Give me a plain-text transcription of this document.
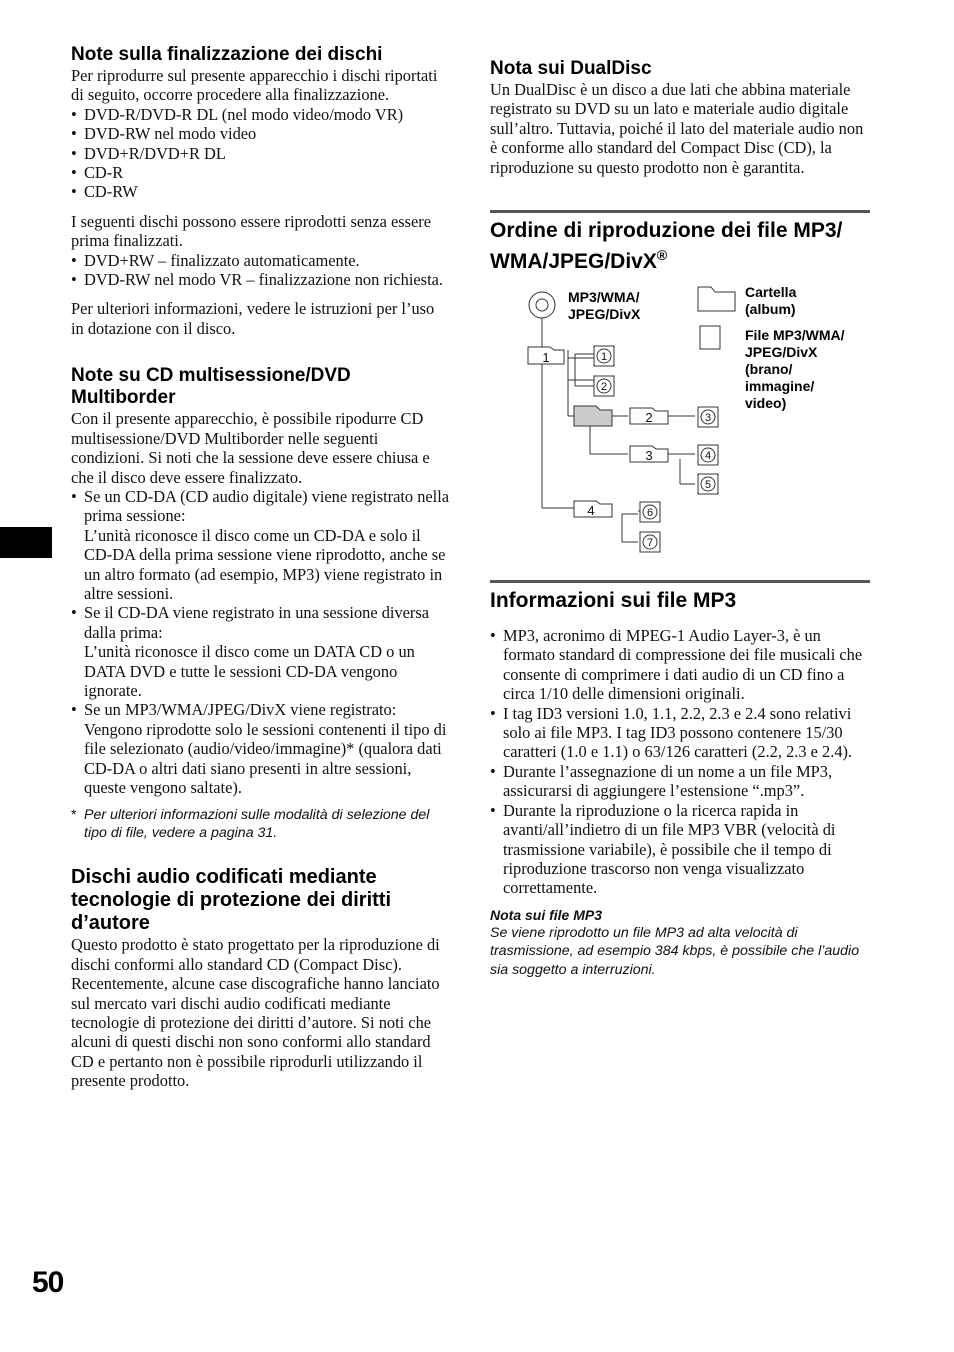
50
Note sulla finalizzazione dei dischi

Per riprodurre sul presente apparecchio i dischi riportati di seguito, occorre procedere alla finalizzazione.

• DVD-R/DVD-R DL (nel modo video/modo VR)
• DVD-RW nel modo video
• DVD+R/DVD+R DL
• CD-R
• CD-RW

I seguenti dischi possono essere riprodotti senza essere prima finalizzati.

• DVD+RW – finalizzato automaticamente.
• DVD-RW nel modo VR – finalizzazione non richiesta.

Per ulteriori informazioni, vedere le istruzioni per l’uso in dotazione con il disco.

Note su CD multisessione/DVD Multiborder

Con il presente apparecchio, è possibile ripodurre CD multisessione/DVD Multiborder nelle seguenti condizioni. Si noti che la sessione deve essere chiusa e che il disco deve essere finalizzato.

• Se un CD-DA (CD audio digitale) viene registrato nella prima sessione:
L’unità riconosce il disco come un CD-DA e solo il CD-DA della prima sessione viene riprodotto, anche se un altro formato (ad esempio, MP3) viene registrato in altre sessioni.
• Se il CD-DA viene registrato in una sessione diversa dalla prima:
L’unità riconosce il disco come un DATA CD o un DATA DVD e tutte le sessioni CD-DA vengono ignorate.
• Se un MP3/WMA/JPEG/DivX viene registrato:
Vengono riprodotte solo le sessioni contenenti il tipo di file selezionato (audio/video/immagine)* (qualora dati CD-DA o altri dati siano presenti in altre sessioni, queste vengono saltate).
* Per ulteriori informazioni sulle modalità di selezione del tipo di file, vedere a pagina 31.
Dischi audio codificati mediante tecnologie di protezione dei diritti d’autore

Questo prodotto è stato progettato per la riproduzione di dischi conformi allo standard CD (Compact Disc).

Recentemente, alcune case discografiche hanno lanciato sul mercato vari dischi audio codificati mediante tecnologie di protezione dei diritti d’autore. Si noti che alcuni di questi dischi non sono conformi allo standard CD e pertanto non è possibile riprodurli utilizzando il presente prodotto.

Nota sui DualDisc

Un DualDisc è un disco a due lati che abbina materiale registrato su DVD su un lato e materiale audio digitale sull’altro. Tuttavia, poiché il lato del materiale audio non è conforme allo standard del Compact Disc (CD), la riproduzione su questo prodotto non è garantita.

Ordine di riproduzione dei file MP3/
WMA/JPEG/DivX®
1
2
3
4
1
2
3
4
5
6
7
MP3/WMA/
JPEG/DivX
Cartella
(album)
File MP3/WMA/
JPEG/DivX
(brano/
immagine/
video)
Informazioni sui file MP3
• MP3, acronimo di MPEG-1 Audio Layer-3, è un formato standard di compressione dei file musicali che consente di comprimere i dati audio di un CD fino a circa 1/10 delle dimensioni originali.
• I tag ID3 versioni 1.0, 1.1, 2.2, 2.3 e 2.4 sono relativi solo ai file MP3. I tag ID3 possono contenere 15/30 caratteri (1.0 e 1.1) o 63/126 caratteri (2.2, 2.3 e 2.4).
• Durante l’assegnazione di un nome a un file MP3, assicurarsi di aggiungere l’estensione “.mp3”.
• Durante la riproduzione o la ricerca rapida in avanti/all’indietro di un file MP3 VBR (velocità di trasmissione variabile), è possibile che il tempo di riproduzione trascorso non venga visualizzato correttamente.
Nota sui file MP3
Se viene riprodotto un file MP3 ad alta velocità di trasmissione, ad esempio 384 kbps, è possibile che l’audio sia soggetto a interruzioni.
